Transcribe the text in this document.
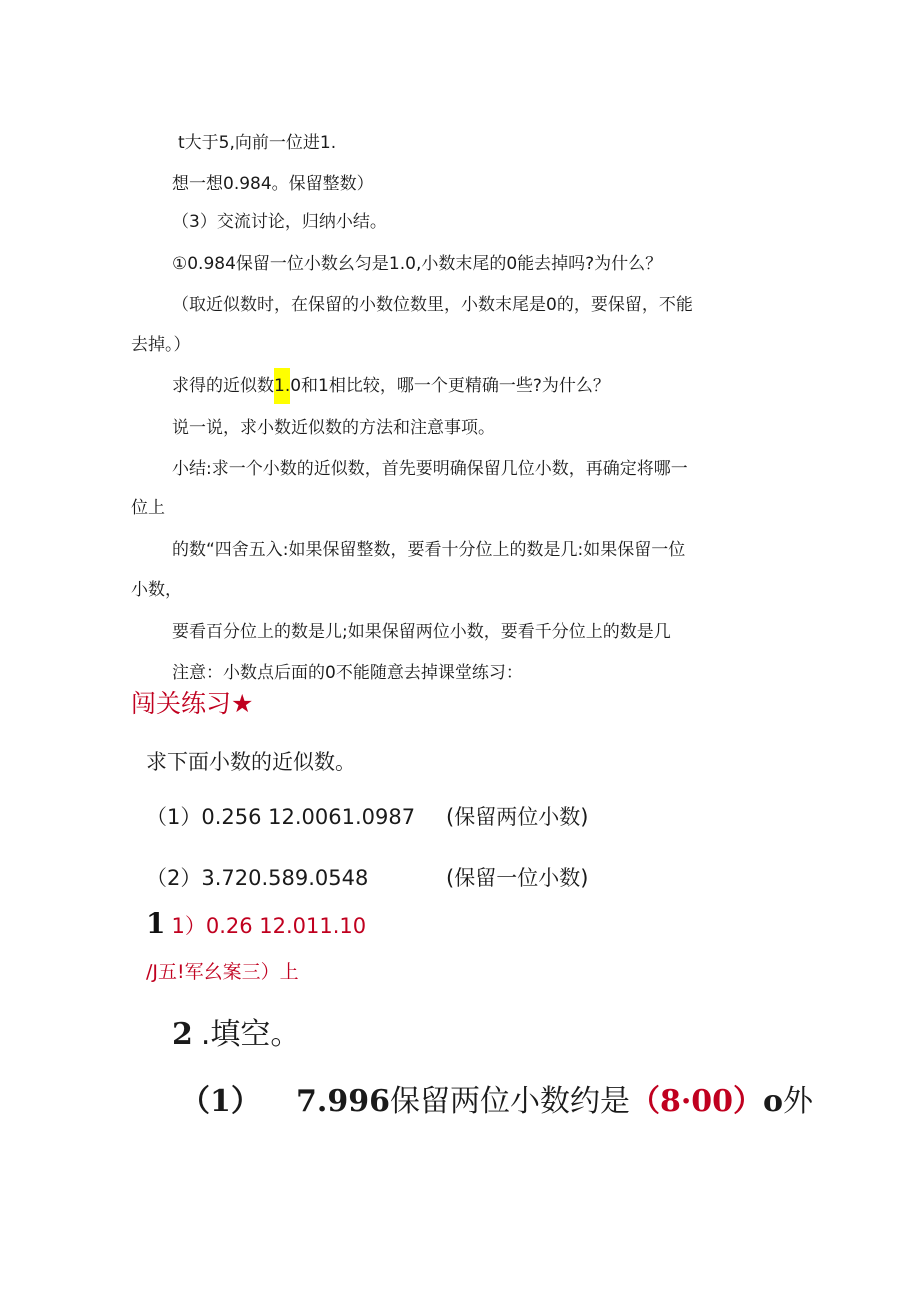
t大于5,向前一位进1.
想一想0.984。保留整数）
（3）交流讨论，归纳小结。
①0.984保留一位小数幺匀是1.0,小数末尾的0能去掉吗?为什么？
（取近似数时，在保留的小数位数里，小数末尾是0的，要保留，不能
去掉。）
求得的近似数1.0和1相比较，哪一个更精确一些?为什么？
说一说，求小数近似数的方法和注意事项。
小结:求一个小数的近似数，首先要明确保留几位小数，再确定将哪一
位上
的数“四舍五入:如果保留整数，要看十分位上的数是几:如果保留一位
小数，
要看百分位上的数是儿;如果保留两位小数，要看千分位上的数是几
注意：小数点后面的0不能随意去掉课堂练习：
闯关练习★
求下面小数的近似数。
（1）0.256 12.0061.0987 (保留两位小数)
（2）3.720.589.0548	(保留一位小数)
1 1）0.26 12.011.10
∕J五!军幺案三）上
2 .填空。
（1） 7.996保留两位小数约是（8·00）o外
